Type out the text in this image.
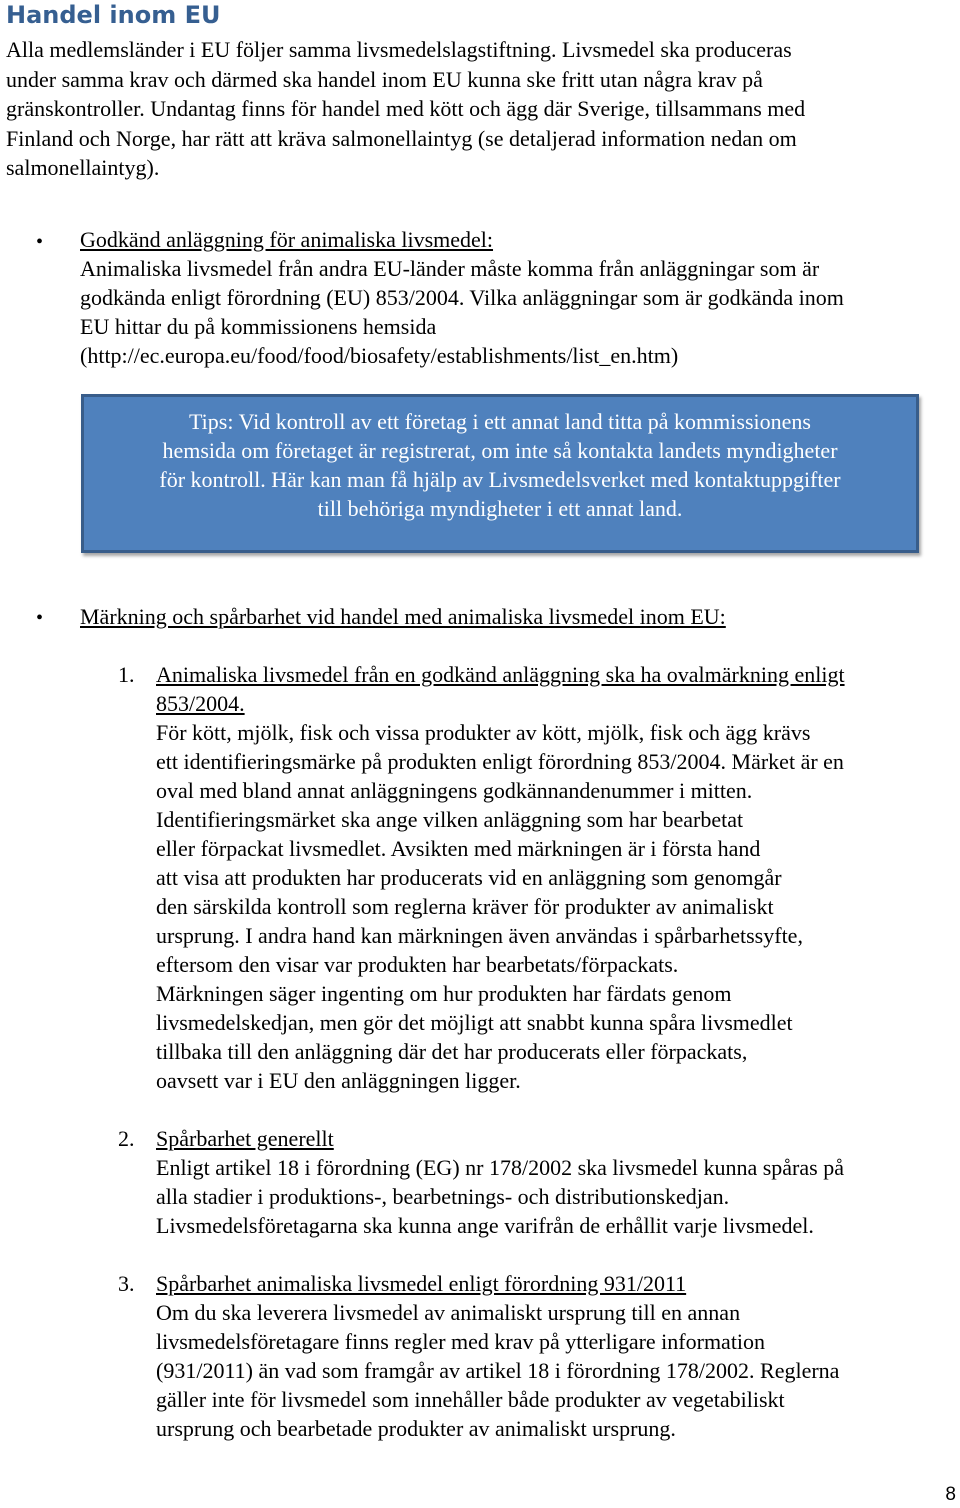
Handel inom EU

Alla medlemsländer i EU följer samma livsmedelslagstiftning. Livsmedel ska produceras
under samma krav och därmed ska handel inom EU kunna ske fritt utan några krav på
gränskontroller. Undantag finns för handel med kött och ägg där Sverige, tillsammans med
Finland och Norge, har rätt att kräva salmonellaintyg (se detaljerad information nedan om
salmonellaintyg).

• Godkänd anläggning för animaliska livsmedel:
Animaliska livsmedel från andra EU-länder måste komma från anläggningar som är
godkända enligt förordning (EU) 853/2004. Vilka anläggningar som är godkända inom
EU hittar du på kommissionens hemsida
(http://ec.europa.eu/food/food/biosafety/establishments/list_en.htm)
Tips: Vid kontroll av ett företag i ett annat land titta på kommissionens
hemsida om företaget är registrerat, om inte så kontakta landets myndigheter
för kontroll. Här kan man få hjälp av Livsmedelsverket med kontaktuppgifter
till behöriga myndigheter i ett annat land.
• Märkning och spårbarhet vid handel med animaliska livsmedel inom EU:
1. Animaliska livsmedel från en godkänd anläggning ska ha ovalmärkning enligt
853/2004.
För kött, mjölk, fisk och vissa produkter av kött, mjölk, fisk och ägg krävs
ett identifieringsmärke på produkten enligt förordning 853/2004. Märket är en
oval med bland annat anläggningens godkännandenummer i mitten.
Identifieringsmärket ska ange vilken anläggning som har bearbetat
eller förpackat livsmedlet. Avsikten med märkningen är i första hand
att visa att produkten har producerats vid en anläggning som genomgår
den särskilda kontroll som reglerna kräver för produkter av animaliskt
ursprung. I andra hand kan märkningen även användas i spårbarhetssyfte,
eftersom den visar var produkten har bearbetats/förpackats.
Märkningen säger ingenting om hur produkten har färdats genom
livsmedelskedjan, men gör det möjligt att snabbt kunna spåra livsmedlet
tillbaka till den anläggning där det har producerats eller förpackats,
oavsett var i EU den anläggningen ligger.
2. Spårbarhet generellt
Enligt artikel 18 i förordning (EG) nr 178/2002 ska livsmedel kunna spåras på
alla stadier i produktions-, bearbetnings- och distributionskedjan.
Livsmedelsföretagarna ska kunna ange varifrån de erhållit varje livsmedel.
3. Spårbarhet animaliska livsmedel enligt förordning 931/2011
Om du ska leverera livsmedel av animaliskt ursprung till en annan
livsmedelsföretagare finns regler med krav på ytterligare information
(931/2011) än vad som framgår av artikel 18 i förordning 178/2002. Reglerna
gäller inte för livsmedel som innehåller både produkter av vegetabiliskt
ursprung och bearbetade produkter av animaliskt ursprung.
8
